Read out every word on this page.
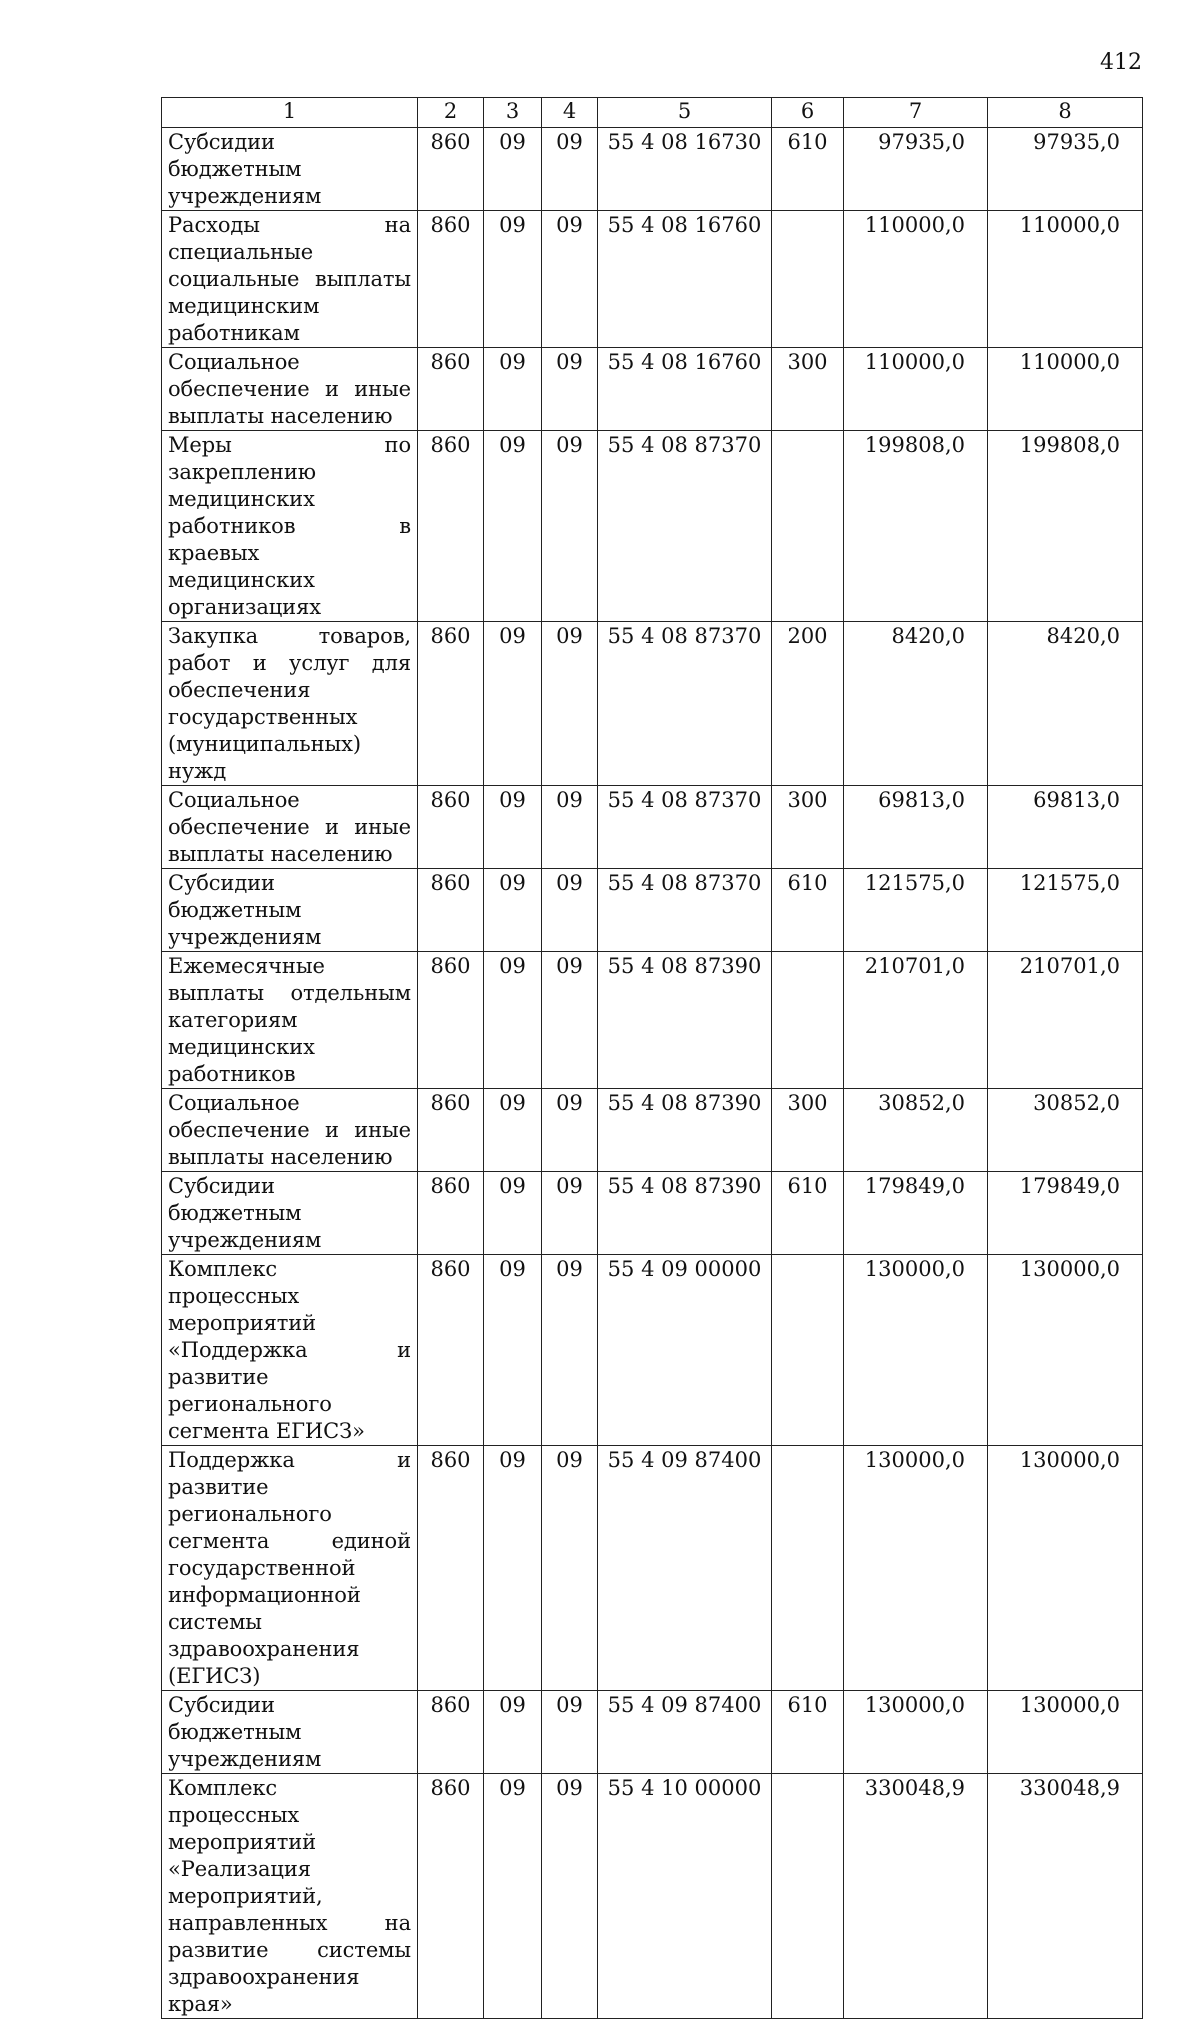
412
1	2	3	4	5	6	7	8
Субсидии бюджетным учреждениям	860	09	09	55 4 08 16730	610	97935,0	97935,0
Расходы на специальные социальные выплаты медицинским работникам	860	09	09	55 4 08 16760		110000,0	110000,0
Социальное обеспечение и иные выплаты населению	860	09	09	55 4 08 16760	300	110000,0	110000,0
Меры по закреплению медицинских работников в краевых медицинских организациях	860	09	09	55 4 08 87370		199808,0	199808,0
Закупка товаров, работ и услуг для обеспечения государственных (муниципальных) нужд	860	09	09	55 4 08 87370	200	8420,0	8420,0
Социальное обеспечение и иные выплаты населению	860	09	09	55 4 08 87370	300	69813,0	69813,0
Субсидии бюджетным учреждениям	860	09	09	55 4 08 87370	610	121575,0	121575,0
Ежемесячные выплаты отдельным категориям медицинских работников	860	09	09	55 4 08 87390		210701,0	210701,0
Социальное обеспечение и иные выплаты населению	860	09	09	55 4 08 87390	300	30852,0	30852,0
Субсидии бюджетным учреждениям	860	09	09	55 4 08 87390	610	179849,0	179849,0
Комплекс процессных мероприятий «Поддержка и развитие регионального сегмента ЕГИСЗ»	860	09	09	55 4 09 00000		130000,0	130000,0
Поддержка и развитие регионального сегмента единой государственной информационной системы здравоохранения (ЕГИСЗ)	860	09	09	55 4 09 87400		130000,0	130000,0
Субсидии бюджетным учреждениям	860	09	09	55 4 09 87400	610	130000,0	130000,0
Комплекс процессных мероприятий «Реализация мероприятий, направленных на развитие системы здравоохранения края»	860	09	09	55 4 10 00000		330048,9	330048,9
